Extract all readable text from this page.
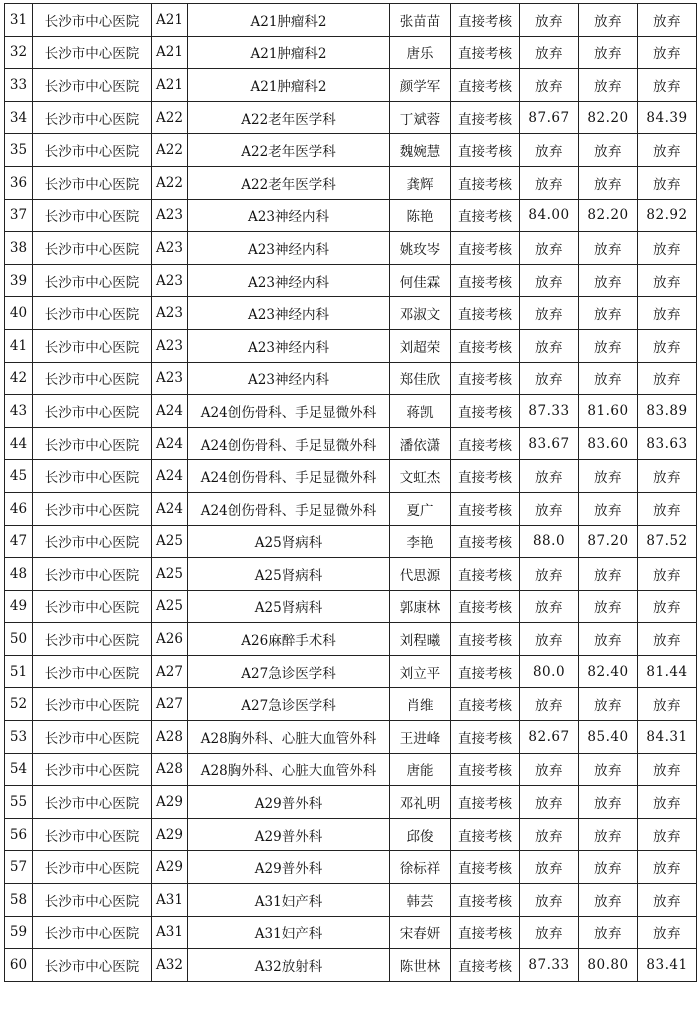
31	长沙市中心医院	A21	A21肿瘤科2	张苗苗	直接考核	放弃	放弃	放弃
32	长沙市中心医院	A21	A21肿瘤科2	唐乐	直接考核	放弃	放弃	放弃
33	长沙市中心医院	A21	A21肿瘤科2	颜学军	直接考核	放弃	放弃	放弃
34	长沙市中心医院	A22	A22老年医学科	丁斌蓉	直接考核	87.67	82.20	84.39
35	长沙市中心医院	A22	A22老年医学科	魏婉慧	直接考核	放弃	放弃	放弃
36	长沙市中心医院	A22	A22老年医学科	龚辉	直接考核	放弃	放弃	放弃
37	长沙市中心医院	A23	A23神经内科	陈艳	直接考核	84.00	82.20	82.92
38	长沙市中心医院	A23	A23神经内科	姚玫岑	直接考核	放弃	放弃	放弃
39	长沙市中心医院	A23	A23神经内科	何佳霖	直接考核	放弃	放弃	放弃
40	长沙市中心医院	A23	A23神经内科	邓淑文	直接考核	放弃	放弃	放弃
41	长沙市中心医院	A23	A23神经内科	刘超荣	直接考核	放弃	放弃	放弃
42	长沙市中心医院	A23	A23神经内科	郑佳欣	直接考核	放弃	放弃	放弃
43	长沙市中心医院	A24	A24创伤骨科、手足显微外科	蒋凯	直接考核	87.33	81.60	83.89
44	长沙市中心医院	A24	A24创伤骨科、手足显微外科	潘依潇	直接考核	83.67	83.60	83.63
45	长沙市中心医院	A24	A24创伤骨科、手足显微外科	文虹杰	直接考核	放弃	放弃	放弃
46	长沙市中心医院	A24	A24创伤骨科、手足显微外科	夏广	直接考核	放弃	放弃	放弃
47	长沙市中心医院	A25	A25肾病科	李艳	直接考核	88.0	87.20	87.52
48	长沙市中心医院	A25	A25肾病科	代思源	直接考核	放弃	放弃	放弃
49	长沙市中心医院	A25	A25肾病科	郭康林	直接考核	放弃	放弃	放弃
50	长沙市中心医院	A26	A26麻醉手术科	刘程曦	直接考核	放弃	放弃	放弃
51	长沙市中心医院	A27	A27急诊医学科	刘立平	直接考核	80.0	82.40	81.44
52	长沙市中心医院	A27	A27急诊医学科	肖维	直接考核	放弃	放弃	放弃
53	长沙市中心医院	A28	A28胸外科、心脏大血管外科	王进峰	直接考核	82.67	85.40	84.31
54	长沙市中心医院	A28	A28胸外科、心脏大血管外科	唐能	直接考核	放弃	放弃	放弃
55	长沙市中心医院	A29	A29普外科	邓礼明	直接考核	放弃	放弃	放弃
56	长沙市中心医院	A29	A29普外科	邱俊	直接考核	放弃	放弃	放弃
57	长沙市中心医院	A29	A29普外科	徐标祥	直接考核	放弃	放弃	放弃
58	长沙市中心医院	A31	A31妇产科	韩芸	直接考核	放弃	放弃	放弃
59	长沙市中心医院	A31	A31妇产科	宋春妍	直接考核	放弃	放弃	放弃
60	长沙市中心医院	A32	A32放射科	陈世林	直接考核	87.33	80.80	83.41
